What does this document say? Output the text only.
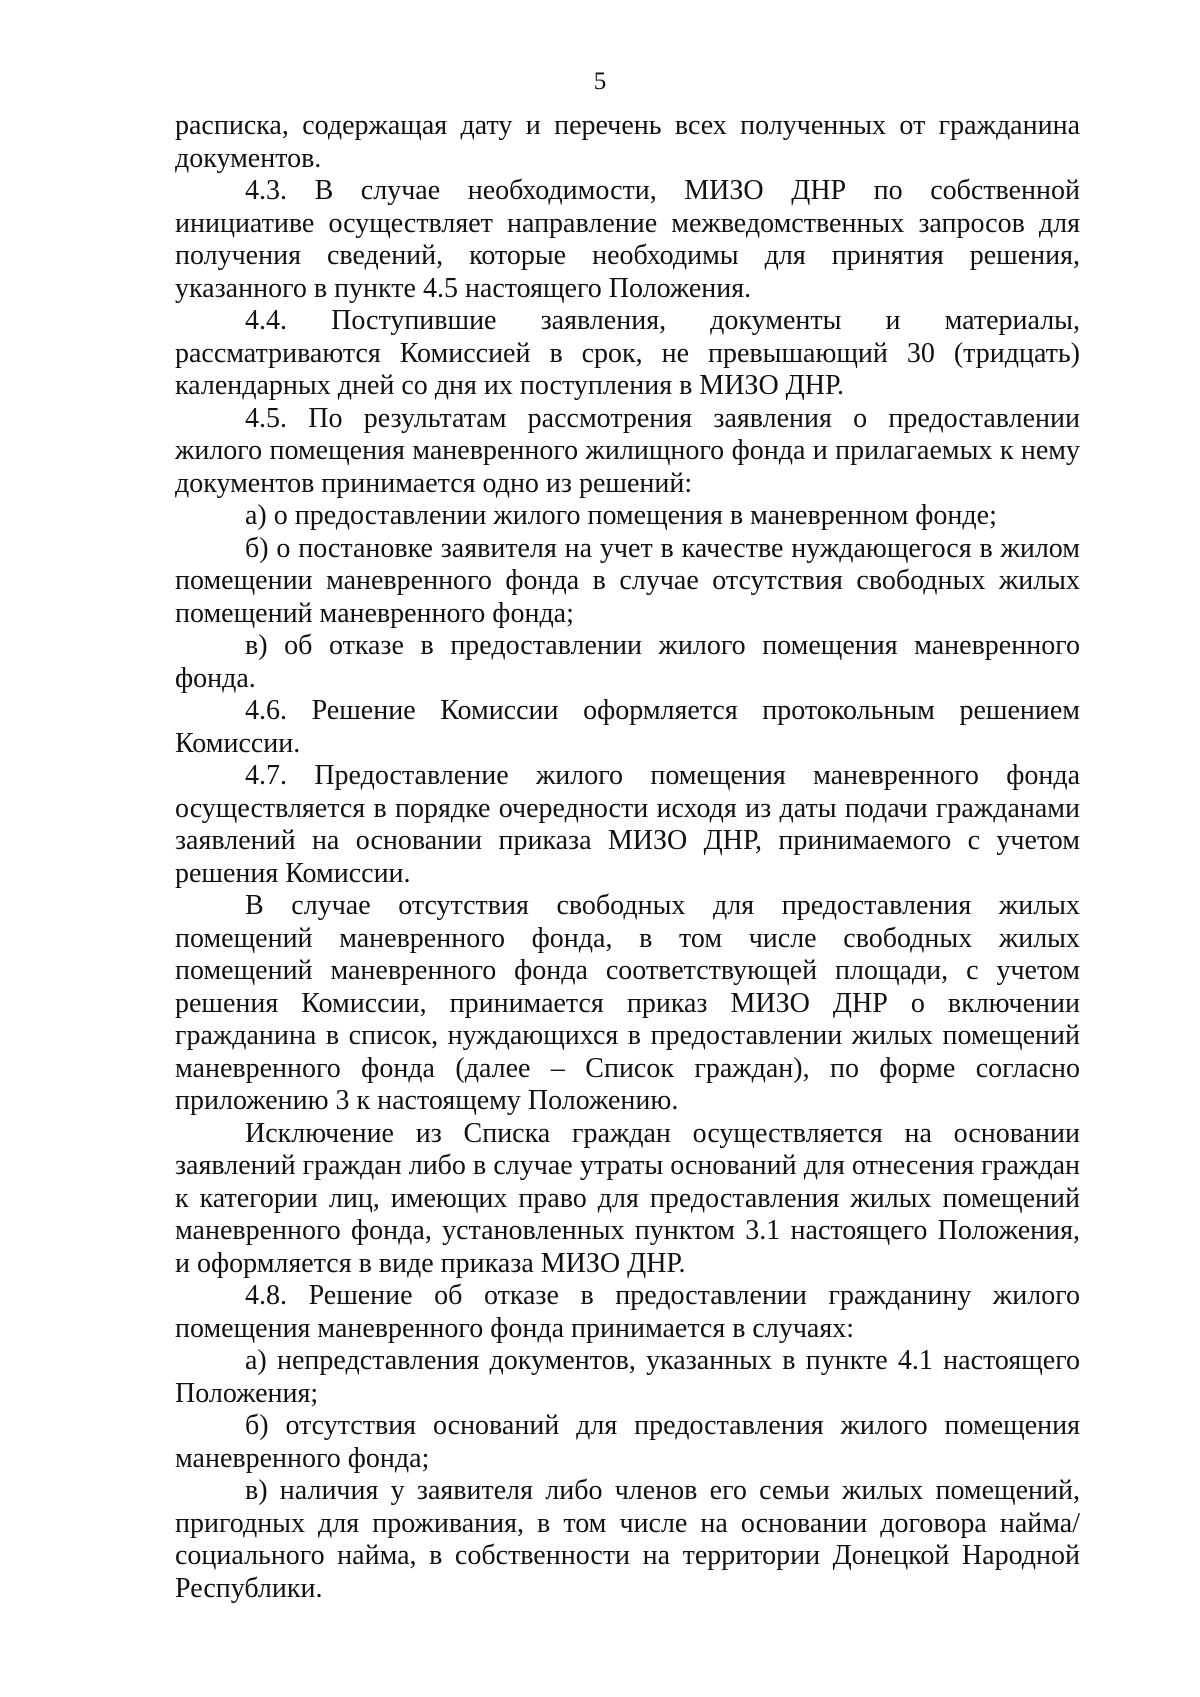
5

расписка, содержащая дату и перечень всех полученных от гражданина документов.

4.3. В случае необходимости, МИЗО ДНР по собственной инициативе осуществляет направление межведомственных запросов для получения сведений, которые необходимы для принятия решения, указанного в пункте 4.5 настоящего Положения.

4.4. Поступившие заявления, документы и материалы, рассматриваются Комиссией в срок, не превышающий 30 (тридцать) календарных дней со дня их поступления в МИЗО ДНР.

4.5. По результатам рассмотрения заявления о предоставлении жилого помещения маневренного жилищного фонда и прилагаемых к нему документов принимается одно из решений:

а) о предоставлении жилого помещения в маневренном фонде;

б) о постановке заявителя на учет в качестве нуждающегося в жилом помещении маневренного фонда в случае отсутствия свободных жилых помещений маневренного фонда;

в) об отказе в предоставлении жилого помещения маневренного фонда.

4.6. Решение Комиссии оформляется протокольным решением Комиссии.

4.7. Предоставление жилого помещения маневренного фонда осуществляется в порядке очередности исходя из даты подачи гражданами заявлений на основании приказа МИЗО ДНР, принимаемого с учетом решения Комиссии.

В случае отсутствия свободных для предоставления жилых помещений маневренного фонда, в том числе свободных жилых помещений маневренного фонда соответствующей площади, с учетом решения Комиссии, принимается приказ МИЗО ДНР о включении гражданина в список, нуждающихся в предоставлении жилых помещений маневренного фонда (далее – Список граждан), по форме согласно приложению 3 к настоящему Положению.

Исключение из Списка граждан осуществляется на основании заявлений граждан либо в случае утраты оснований для отнесения граждан к категории лиц, имеющих право для предоставления жилых помещений маневренного фонда, установленных пунктом 3.1 настоящего Положения, и оформляется в виде приказа МИЗО ДНР.

4.8. Решение об отказе в предоставлении гражданину жилого помещения маневренного фонда принимается в случаях:

а) непредставления документов, указанных в пункте 4.1 настоящего Положения;

б) отсутствия оснований для предоставления жилого помещения маневренного фонда;

в) наличия у заявителя либо членов его семьи жилых помещений, пригодных для проживания, в том числе на основании договора найма/социального найма, в собственности на территории Донецкой Народной Республики.
